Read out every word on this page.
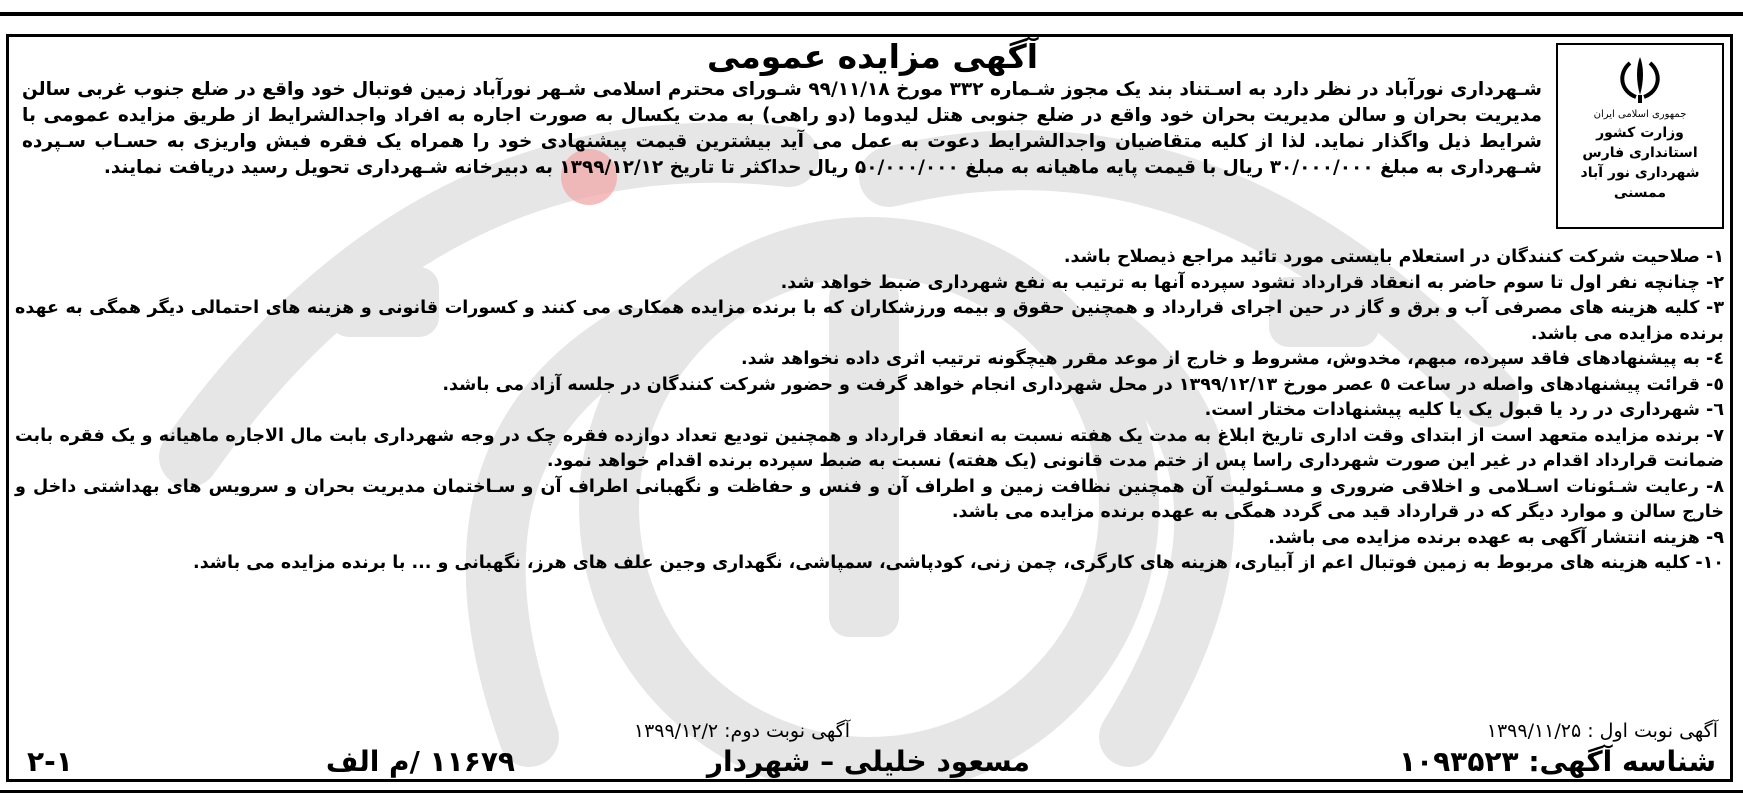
جمهوری اسلامی ایران
وزارت کشور
استانداری فارس
شهرداری نور آباد ممسنی
آگهی مزایده عمومی

شـهرداری نورآباد در نظر دارد به اسـتناد بند یک مجوز شـماره ۳۳۲ مورخ ۹۹/۱۱/۱۸ شـورای محترم اسلامی شـهر نورآباد زمین فوتبال خود واقع در ضلع جنوب غربی سالن مدیریت بحران و سالن مدیریت بحران خود واقع در ضلع جنوبی هتل لیدوما (دو راهی) به مدت یکسال به صورت اجاره به افراد واجدالشرایط از طریق مزایده عمومی با شرایط ذیل واگذار نماید. لذا از کلیه متقاضیان واجدالشرایط دعوت به عمل می آید بیشترین قیمت پیشنهادی خود را همراه یک فقره فیش واریزی به حسـاب سـپرده شـهرداری به مبلغ ۳۰/۰۰۰/۰۰۰ ریال با قیمت پایه ماهیانه به مبلغ ۵۰/۰۰۰/۰۰۰ ریال حداکثر تا تاریخ ۱۳۹۹/۱۲/۱۲ به دبیرخانه شـهرداری تحویل رسید دریافت نمایند.

۱- صلاحیت شرکت کنندگان در استعلام بایستی مورد تائید مراجع ذیصلاح باشد.
۲- چنانچه نفر اول تا سوم حاضر به انعقاد قرارداد نشود سپرده آنها به ترتیب به نفع شهرداری ضبط خواهد شد.
۳- کلیه هزینه های مصرفی آب و برق و گاز در حین اجرای قرارداد و همچنین حقوق و بیمه ورزشکاران که با برنده مزایده همکاری می کنند و کسورات قانونی و هزینه های احتمالی دیگر همگی به عهده برنده مزایده می باشد.
٤- به پیشنهادهای فاقد سپرده، مبهم، مخدوش، مشروط و خارج از موعد مقرر هیچگونه ترتیب اثری داده نخواهد شد.
٥- قرائت پیشنهادهای واصله در ساعت ٥ عصر مورخ ۱۳۹۹/۱۲/۱۳ در محل شهرداری انجام خواهد گرفت و حضور شرکت کنندگان در جلسه آزاد می باشد.
٦- شهرداری در رد یا قبول یک یا کلیه پیشنهادات مختار است.
۷- برنده مزایده متعهد است از ابتدای وقت اداری تاریخ ابلاغ به مدت یک هفته نسبت به انعقاد قرارداد و همچنین تودیع تعداد دوازده فقره چک در وجه شهرداری بابت مال الاجاره ماهیانه و یک فقره بابت ضمانت قرارداد اقدام در غیر این صورت شهرداری راسا پس از ختم مدت قانونی (یک هفته) نسبت به ضبط سپرده برنده اقدام خواهد نمود.
۸- رعایت شـئونات اسـلامی و اخلاقی ضروری و مسـئولیت آن همچنین نظافت زمین و اطراف آن و فنس و حفاظت و نگهبانی اطراف آن و سـاختمان مدیریت بحران و سرویس های بهداشتی داخل و خارج سالن و موارد دیگر که در قرارداد قید می گردد همگی به عهده برنده مزایده می باشد.
۹- هزینه انتشار آگهی به عهده برنده مزایده می باشد.
۱۰- کلیه هزینه های مربوط به زمین فوتبال اعم از آبیاری، هزینه های کارگری، چمن زنی، کودپاشی، سمپاشی، نگهداری وجین علف های هرز، نگهبانی و ... با برنده مزایده می باشد.
آگهی نوبت اول : ۱۳۹۹/۱۱/۲۵
آگهی نوبت دوم: ۱۳۹۹/۱۲/۲
شناسه آگهی: ۱۰۹۳۵۲۳
مسعود خلیلی – شهردار
۱۱۶۷۹ /م الف
۲-۱
